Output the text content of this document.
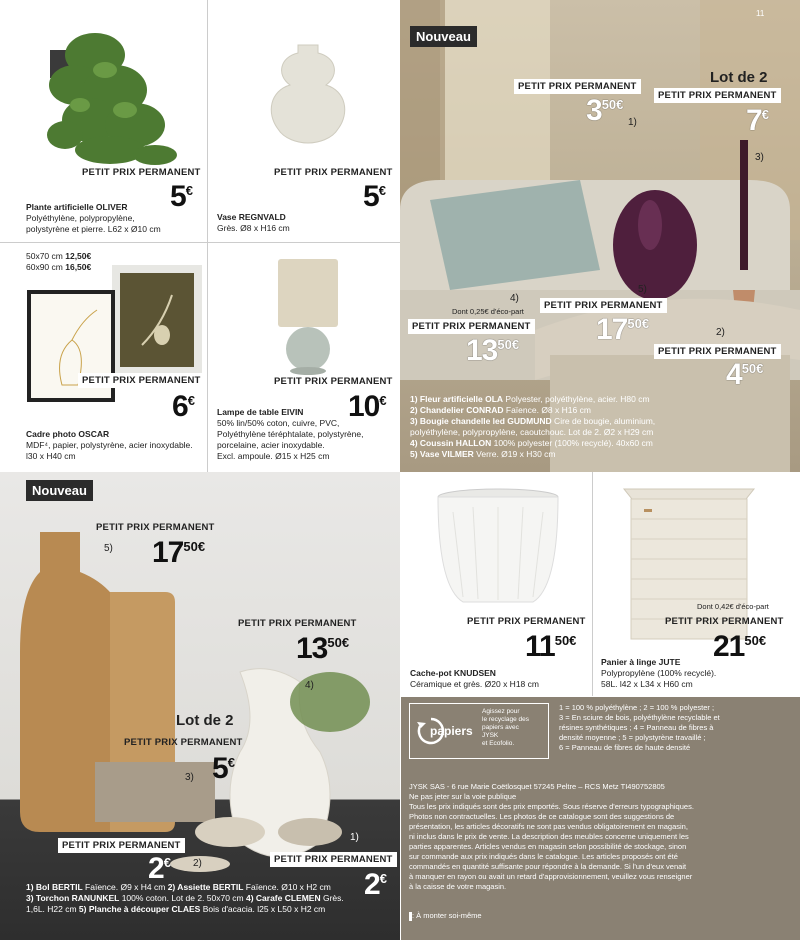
PETIT PRIX PERMANENT
5€
Plante artificielle OLIVER
Polyéthylène, polypropylène,
polystyrène et pierre. L62 x Ø10 cm
PETIT PRIX PERMANENT
5€
Vase REGNVALD
Grès. Ø8 x H16 cm
50x70 cm 12,50€
60x90 cm 16,50€
PETIT PRIX PERMANENT
6€
Cadre photo OSCAR
MDF⁴, papier, polystyrène, acier inoxydable.
l30 x H40 cm
PETIT PRIX PERMANENT
10€
Lampe de table EIVIN
50% lin/50% coton, cuivre, PVC,
Polyéthylène téréphtalate, polystyrène,
porcelaine, acier inoxydable.
Excl. ampoule. Ø15 x H25 cm
Nouveau
11
PETIT PRIX PERMANENT
$3^{50€}$
1)
Lot de 2
PETIT PRIX PERMANENT
7€
3)
4)
Dont 0,25€ d'éco-part
PETIT PRIX PERMANENT
$13^{50€}$
5)
PETIT PRIX PERMANENT
$17^{50€}$
2)
PETIT PRIX PERMANENT
$4^{50€}$
1) Fleur artificielle OLA Polyester, polyéthylène, acier. H80 cm
2) Chandelier CONRAD Faïence. Ø8 x H16 cm
3) Bougie chandelle led GUDMUND Cire de bougie, aluminium,
polyéthylène, polypropylène, caoutchouc. Lot de 2. Ø2 x H29 cm
4) Coussin HALLON 100% polyester (100% recyclé). 40x60 cm
5) Vase VILMER Verre. Ø19 x H30 cm
Nouveau
PETIT PRIX PERMANENT
5) $17^{50€}$
PETIT PRIX PERMANENT
$13^{50€}$
4)
Lot de 2
PETIT PRIX PERMANENT
5€
3)
PETIT PRIX PERMANENT
2€ 2)
1)
PETIT PRIX PERMANENT
2€
1) Bol BERTIL Faïence. Ø9 x H4 cm 2) Assiette BERTIL Faïence. Ø10 x H2 cm
3) Torchon RANUNKEL 100% coton. Lot de 2. 50x70 cm 4) Carafe CLEMEN Grès.
1,6L. H22 cm 5) Planche à découper CLAES Bois d'acacia. l25 x L50 x H2 cm
PETIT PRIX PERMANENT
$11^{50€}$
Cache-pot KNUDSEN
Céramique et grès. Ø20 x H18 cm
Dont 0,42€ d'éco-part
PETIT PRIX PERMANENT
$21^{50€}$
Panier à linge JUTE
Polypropylène (100% recyclé).
58L. l42 x L34 x H60 cm
papiers
Agissez pour
le recyclage des
papiers avec
JYSK
et Ecofolio.
1 = 100 % polyéthylène ; 2 = 100 % polyester ;
3 = En sciure de bois, polyéthylène recyclable et
résines synthétiques ; 4 = Panneau de fibres à
densité moyenne ; 5 = polystyrène travaillé ;
6 = Panneau de fibres de haute densité
JYSK SAS - 6 rue Marie Coëtlosquet 57245 Peltre – RCS Metz TI490752805
Ne pas jeter sur la voie publique
Tous les prix indiqués sont des prix emportés. Sous réserve d'erreurs typographiques.
Photos non contractuelles. Les photos de ce catalogue sont des suggestions de
présentation, les articles décoratifs ne sont pas vendus obligatoirement en magasin,
ni inclus dans le prix de vente. La description des meubles concerne uniquement les
parties apparentes. Articles vendus en magasin selon possibilité de stockage, sinon
sur commande aux prix indiqués dans le catalogue. Les articles proposés ont été
commandés en quantité suffisante pour répondre à la demande. Si l'un d'eux venait
à manquer en rayon ou avait un retard d'approvisionnement, veuillez vous renseigner
à la caisse de votre magasin.
: À monter soi-même
